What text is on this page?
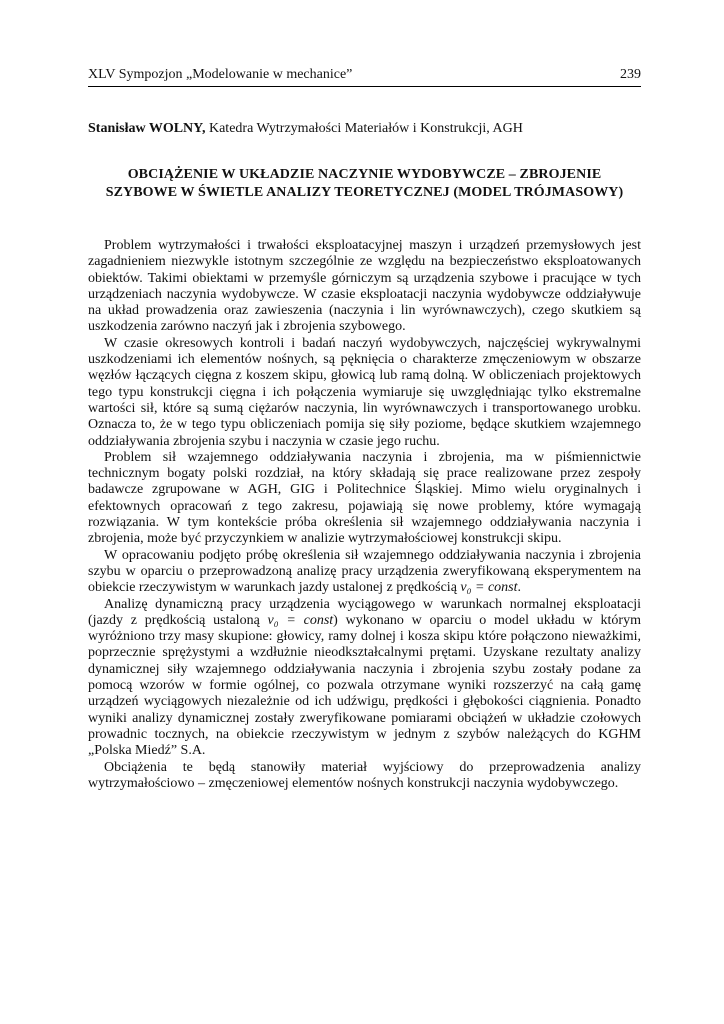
XLV Sympozjon „Modelowanie w mechanice”	239
Stanisław WOLNY, Katedra Wytrzymałości Materiałów i Konstrukcji, AGH
OBCIĄŻENIE W UKŁADZIE NACZYNIE WYDOBYWCZE – ZBROJENIE
SZYBOWE W ŚWIETLE ANALIZY TEORETYCZNEJ (MODEL TRÓJMASOWY)

Problem wytrzymałości i trwałości eksploatacyjnej maszyn i urządzeń przemysłowych jest zagadnieniem niezwykle istotnym szczególnie ze względu na bezpieczeństwo eksploatowanych obiektów. Takimi obiektami w przemyśle górniczym są urządzenia szybowe i pracujące w tych urządzeniach naczynia wydobywcze. W czasie eksploatacji naczynia wydobywcze oddziaływuje na układ prowadzenia oraz zawieszenia (naczynia i lin wyrównawczych), czego skutkiem są uszkodzenia zarówno naczyń jak i zbrojenia szybowego.

W czasie okresowych kontroli i badań naczyń wydobywczych, najczęściej wykrywalnymi uszkodzeniami ich elementów nośnych, są pęknięcia o charakterze zmęczeniowym w obszarze węzłów łączących cięgna z koszem skipu, głowicą lub ramą dolną. W obliczeniach projektowych tego typu konstrukcji cięgna i ich połączenia wymiaruje się uwzględniając tylko ekstremalne wartości sił, które są sumą ciężarów naczynia, lin wyrównawczych i transportowanego urobku. Oznacza to, że w tego typu obliczeniach pomija się siły poziome, będące skutkiem wzajemnego oddziaływania zbrojenia szybu i naczynia w czasie jego ruchu.

Problem sił wzajemnego oddziaływania naczynia i zbrojenia, ma w piśmiennictwie technicznym bogaty polski rozdział, na który składają się prace realizowane przez zespoły badawcze zgrupowane w AGH, GIG i Politechnice Śląskiej. Mimo wielu oryginalnych i efektownych opracowań z tego zakresu, pojawiają się nowe problemy, które wymagają rozwiązania. W tym kontekście próba określenia sił wzajemnego oddziaływania naczynia i zbrojenia, może być przyczynkiem w analizie wytrzymałościowej konstrukcji skipu.

W opracowaniu podjęto próbę określenia sił wzajemnego oddziaływania naczynia i zbrojenia szybu w oparciu o przeprowadzoną analizę pracy urządzenia zweryfikowaną eksperymentem na obiekcie rzeczywistym w warunkach jazdy ustalonej z prędkością v₀ = const.

Analizę dynamiczną pracy urządzenia wyciągowego w warunkach normalnej eksploatacji (jazdy z prędkością ustaloną v₀ = const) wykonano w oparciu o model układu w którym wyróżniono trzy masy skupione: głowicy, ramy dolnej i kosza skipu które połączono nieważkimi, poprzecznie sprężystymi a wzdłużnie nieodkształcalnymi prętami. Uzyskane rezultaty analizy dynamicznej siły wzajemnego oddziaływania naczynia i zbrojenia szybu zostały podane za pomocą wzorów w formie ogólnej, co pozwala otrzymane wyniki rozszerzyć na całą gamę urządzeń wyciągowych niezależnie od ich udźwigu, prędkości i głębokości ciągnienia. Ponadto wyniki analizy dynamicznej zostały zweryfikowane pomiarami obciążeń w układzie czołowych prowadnic tocznych, na obiekcie rzeczywistym w jednym z szybów należących do KGHM „Polska Miedź” S.A.

Obciążenia te będą stanowiły materiał wyjściowy do przeprowadzenia analizy wytrzymałościowo – zmęczeniowej elementów nośnych konstrukcji naczynia wydobywczego.
